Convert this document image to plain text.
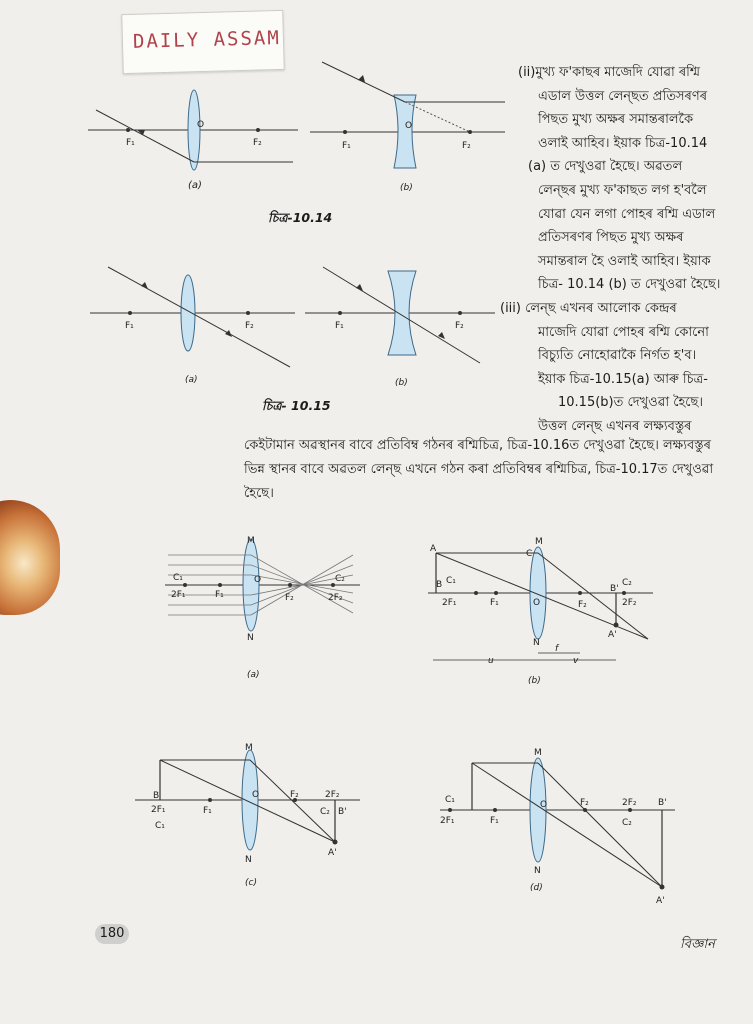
DAILY ASSAM
F₁
O
F₂
(a)
F₁
O
F₂
(b)
চিত্র-10.14
F₁	F₂
(a)
F₁	F₂
(b)
চিত্ৰ- 10.15
(ii)মুখ্য ফ'কাছৰ মাজেদি যোৱা ৰশ্মি
এডাল উত্তল লেন্ছত প্ৰতিসৰণৰ
পিছত মুখ্য অক্ষৰ সমান্তৰালকৈ
ওলাই আহিব। ইয়াক চিত্ৰ-10.14
(a) ত দেখুওৱা হৈছে। অৱতল
লেন্ছৰ মুখ্য ফ'কাছত লগ হ'বলৈ
যোৱা যেন লগা পোহৰ ৰশ্মি এডাল
প্ৰতিসৰণৰ পিছত মুখ্য অক্ষৰ
সমান্তৰাল হৈ ওলাই আহিব। ইয়াক
চিত্ৰ- 10.14 (b) ত দেখুওৱা হৈছে।
(iii) লেন্ছ এখনৰ আলোক কেন্দ্ৰৰ
মাজেদি যোৱা পোহৰ ৰশ্মি কোনো
বিচ্যুতি নোহোৱাকৈ নিৰ্গত হ'ব।
ইয়াক চিত্ৰ-10.15(a) আৰু চিত্ৰ-
10.15(b)ত দেখুওৱা হৈছে।
উত্তল লেন্ছ এখনৰ লক্ষ্যবস্তুৰ
কেইটামান অৱস্থানৰ বাবে প্ৰতিবিম্ব গঠনৰ ৰশ্মিচিত্ৰ, চিত্ৰ-10.16ত দেখুওৱা হৈছে। লক্ষ্যবস্তুৰ
ভিন্ন স্থানৰ বাবে অৱতল লেন্ছ এখনে গঠন কৰা প্ৰতিবিম্বৰ ৰশ্মিচিত্ৰ, চিত্ৰ-10.17ত দেখুওৱা
হৈছে।
M
N
O
C₁
2F₁	F₁	F₂
C₂
2F₂
(a)
A
B C₁
2F₁	F₁
C
M
O	F₂
B'
C₂
2F₂
A'
N
f
u	v
(b)
B
2F₁
C₁
F₁
M
O	F₂	2F₂
C₂ B'
A'
N
(c)
C₁
2F₁	F₁
M
O	F₂	2F₂
C₂
B'
A'
N
(d)
180
বিজ্ঞান
